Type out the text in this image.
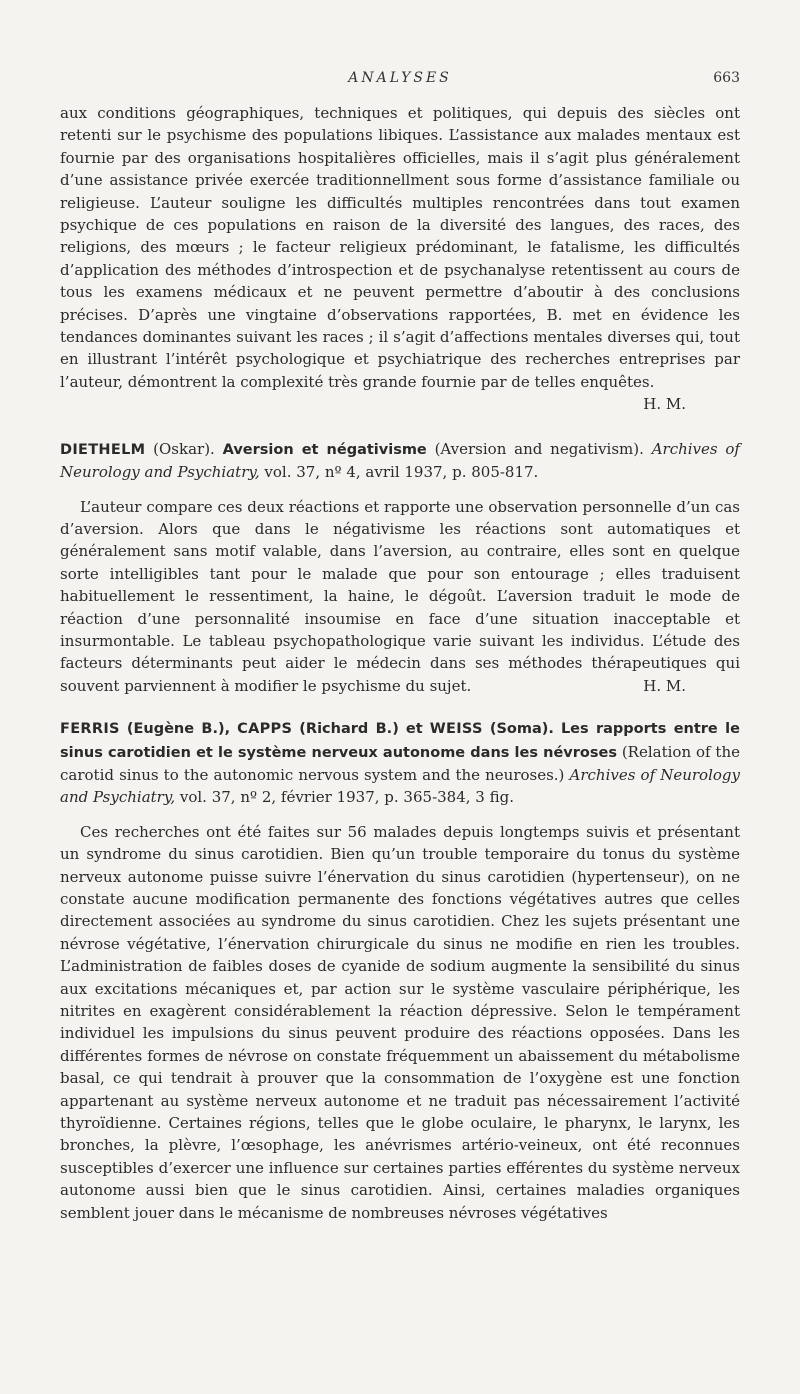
ANALYSES	663

aux conditions géographiques, techniques et politiques, qui depuis des siècles ont retenti sur le psychisme des populations libiques. L’assistance aux malades mentaux est fournie par des organisations hospitalières officielles, mais il s’agit plus généralement d’une assistance privée exercée traditionnellment sous forme d’assistance familiale ou religieuse. L’auteur souligne les difficultés multiples rencontrées dans tout examen psychique de ces populations en raison de la diversité des langues, des races, des religions, des mœurs ; le facteur religieux prédominant, le fatalisme, les difficultés d’application des méthodes d’introspection et de psychanalyse retentissent au cours de tous les examens médicaux et ne peuvent permettre d’aboutir à des conclusions précises. D’après une vingtaine d’observations rapportées, B. met en évidence les tendances dominantes suivant les races ; il s’agit d’affections mentales diverses qui, tout en illustrant l’intérêt psychologique et psychiatrique des recherches entreprises par l’auteur, démontrent la complexité très grande fournie par de telles enquêtes.

H. M.

DIETHELM (Oskar). Aversion et négativisme (Aversion and negativism). Archives of Neurology and Psychiatry, vol. 37, nº 4, avril 1937, p. 805-817.

L’auteur compare ces deux réactions et rapporte une observation personnelle d’un cas d’aversion. Alors que dans le négativisme les réactions sont automatiques et généralement sans motif valable, dans l’aversion, au contraire, elles sont en quelque sorte intelligibles tant pour le malade que pour son entourage ; elles traduisent habituellement le ressentiment, la haine, le dégoût. L’aversion traduit le mode de réaction d’une personnalité insoumise en face d’une situation inacceptable et insurmontable. Le tableau psychopathologique varie suivant les individus. L’étude des facteurs déterminants peut aider le médecin dans ses méthodes thérapeutiques qui souvent parviennent à modifier le psychisme du sujet.	H. M.

FERRIS (Eugène B.), CAPPS (Richard B.) et WEISS (Soma). Les rapports entre le sinus carotidien et le système nerveux autonome dans les névroses (Relation of the carotid sinus to the autonomic nervous system and the neuroses.) Archives of Neurology and Psychiatry, vol. 37, nº 2, février 1937, p. 365-384, 3 fig.

Ces recherches ont été faites sur 56 malades depuis longtemps suivis et présentant un syndrome du sinus carotidien. Bien qu’un trouble temporaire du tonus du système nerveux autonome puisse suivre l’énervation du sinus carotidien (hypertenseur), on ne constate aucune modification permanente des fonctions végétatives autres que celles directement associées au syndrome du sinus carotidien. Chez les sujets présentant une névrose végétative, l’énervation chirurgicale du sinus ne modifie en rien les troubles. L’administration de faibles doses de cyanide de sodium augmente la sensibilité du sinus aux excitations mécaniques et, par action sur le système vasculaire périphérique, les nitrites en exagèrent considérablement la réaction dépressive. Selon le tempérament individuel les impulsions du sinus peuvent produire des réactions opposées. Dans les différentes formes de névrose on constate fréquemment un abaissement du métabolisme basal, ce qui tendrait à prouver que la consommation de l’oxygène est une fonction appartenant au système nerveux autonome et ne traduit pas nécessairement l’activité thyroïdienne. Certaines régions, telles que le globe oculaire, le pharynx, le larynx, les bronches, la plèvre, l’œsophage, les anévrismes artério-veineux, ont été reconnues susceptibles d’exercer une influence sur certaines parties efférentes du système nerveux autonome aussi bien que le sinus carotidien. Ainsi, certaines maladies organiques semblent jouer dans le mécanisme de nombreuses névroses végétatives
